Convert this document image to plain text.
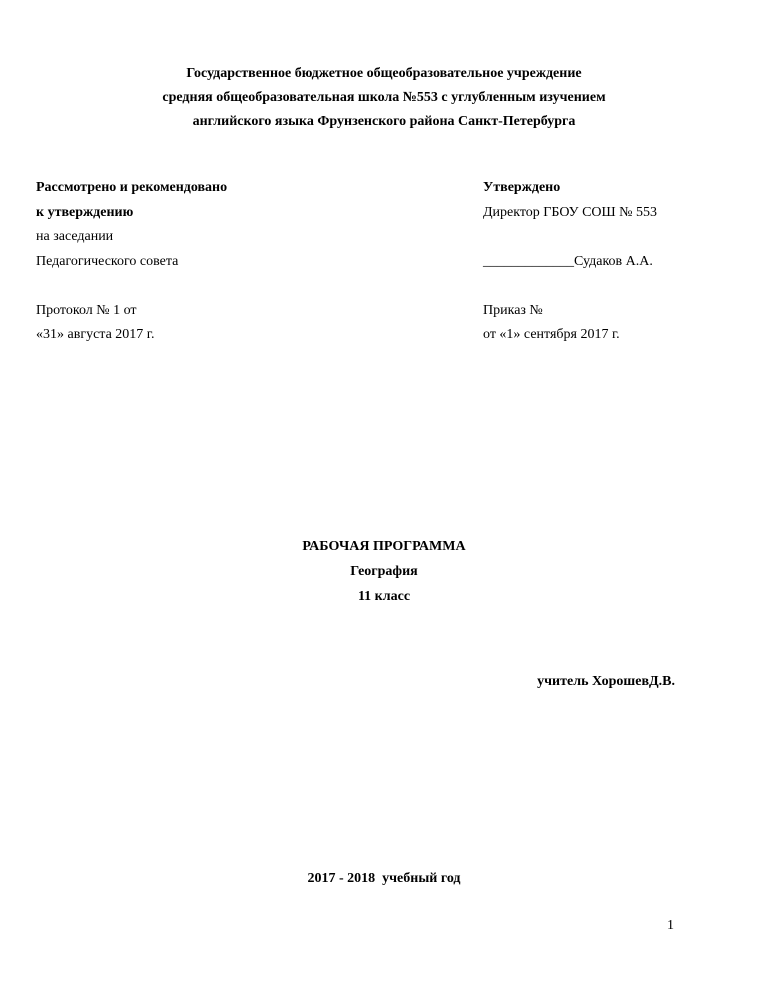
Государственное бюджетное общеобразовательное учреждение
средняя общеобразовательная школа №553 с углубленным изучением
английского языка Фрунзенского района Санкт-Петербурга
Рассмотрено и рекомендовано
к утверждению
на заседании
Педагогического совета
Протокол № 1 от
«31» августа 2017 г.
Утверждено
Директор ГБОУ СОШ № 553
_____________Судаков А.А.
Приказ №
от «1» сентября 2017 г.
РАБОЧАЯ ПРОГРАММА
География
11 класс
учитель ХорошевД.В.
2017 - 2018  учебный год
1
